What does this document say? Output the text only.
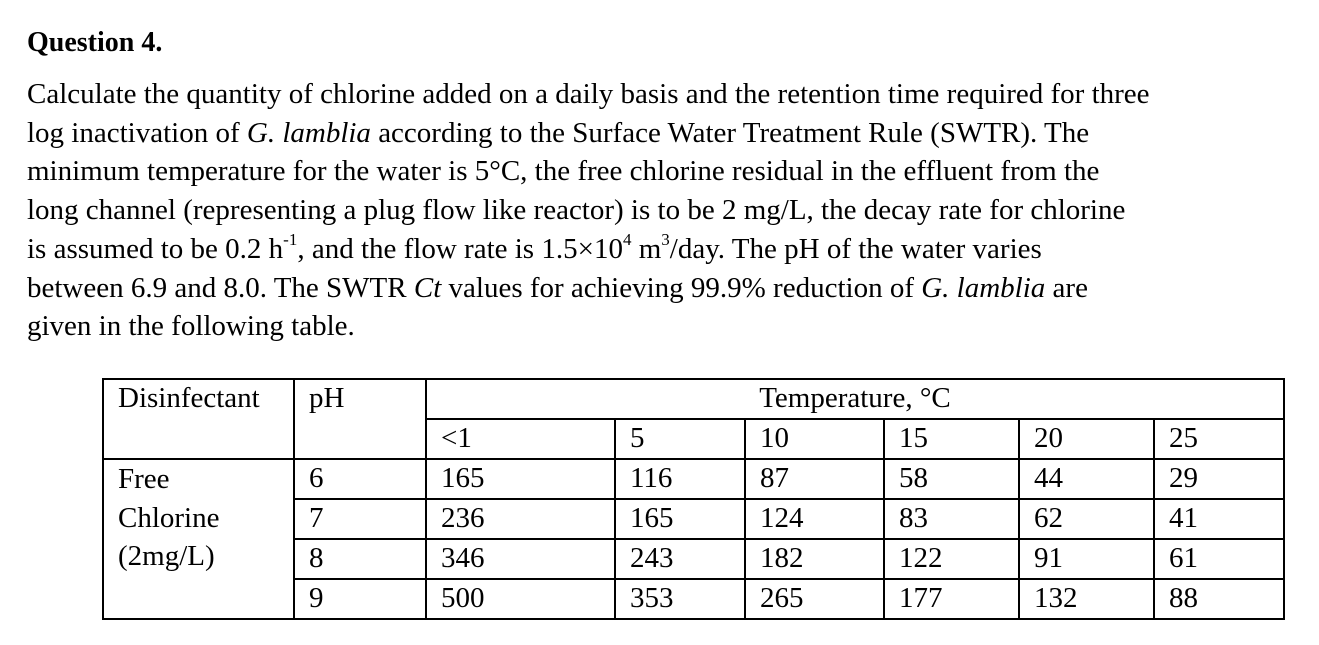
Question 4.
Calculate the quantity of chlorine added on a daily basis and the retention time required for three
log inactivation of G. lamblia according to the Surface Water Treatment Rule (SWTR). The
minimum temperature for the water is 5°C, the free chlorine residual in the effluent from the
long channel (representing a plug flow like reactor) is to be 2 mg/L, the decay rate for chlorine
is assumed to be 0.2 $h^{-1}$, and the flow rate is $1.5\times 10^4$ $m^3$/day. The pH of the water varies
between 6.9 and 8.0. The SWTR Ct values for achieving 99.9% reduction of G. lamblia are
given in the following table.
Disinfectant	pH	Temperature, °C					
		<1	5	10	15	20	25

Free
Chlorine
(2mg/L)	6	165	116	87	58	44	29
	7	236	165	124	83	62	41
	8	346	243	182	122	91	61
	9	500	353	265	177	132	88
